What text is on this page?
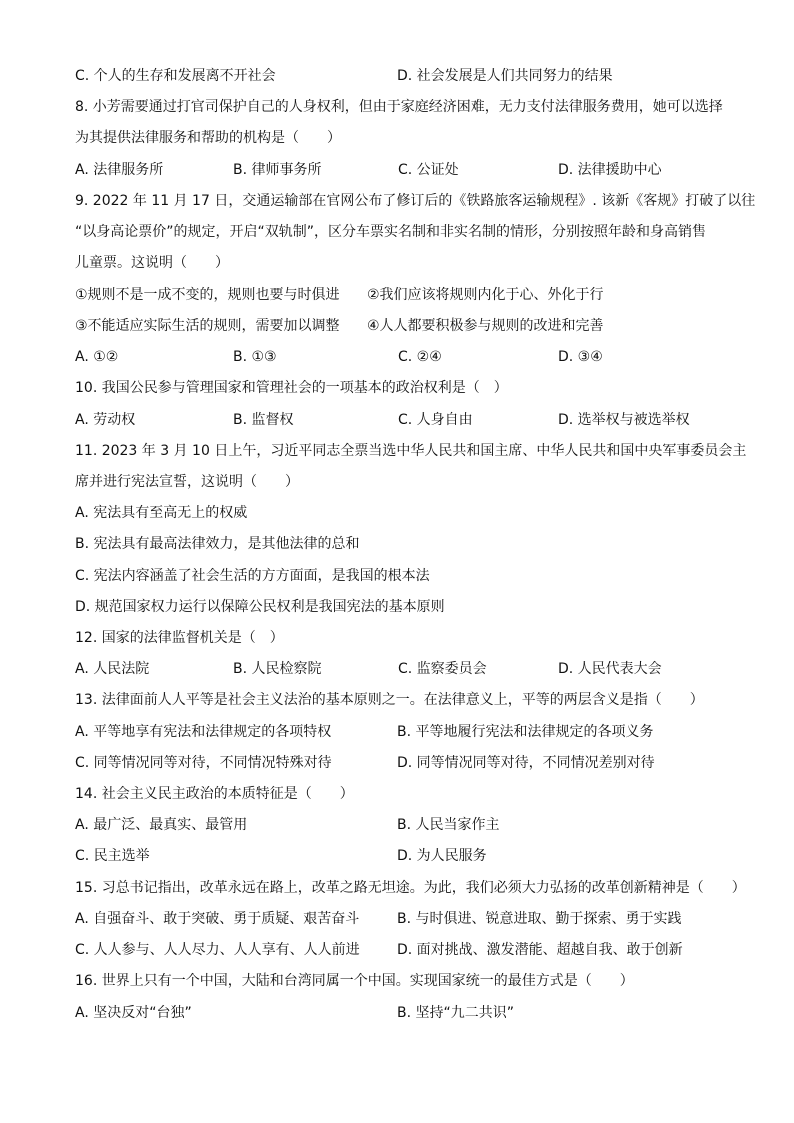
C. 个人的生存和发展离不开社会	D. 社会发展是人们共同努力的结果
8. 小芳需要通过打官司保护自己的人身权利，但由于家庭经济困难，无力支付法律服务费用，她可以选择
为其提供法律服务和帮助的机构是（　　）
A. 法律服务所	B. 律师事务所	C. 公证处	D. 法律援助中心
9. 2022 年 11 月 17 日，交通运输部在官网公布了修订后的《铁路旅客运输规程》. 该新《客规》打破了以往
“以身高论票价”的规定，开启“双轨制”，区分车票实名制和非实名制的情形，分别按照年龄和身高销售
儿童票。这说明（　　）
①规则不是一成不变的，规则也要与时俱进 ②我们应该将规则内化于心、外化于行
③不能适应实际生活的规则，需要加以调整 ④人人都要积极参与规则的改进和完善
A. ①②	B. ①③	C. ②④	D. ③④
10. 我国公民参与管理国家和管理社会的一项基本的政治权利是（　）
A. 劳动权	B. 监督权	C. 人身自由	D. 选举权与被选举权
11. 2023 年 3 月 10 日上午，习近平同志全票当选中华人民共和国主席、中华人民共和国中央军事委员会主
席并进行宪法宣誓，这说明（　　）
A. 宪法具有至高无上的权威
B. 宪法具有最高法律效力，是其他法律的总和
C. 宪法内容涵盖了社会生活的方方面面，是我国的根本法
D. 规范国家权力运行以保障公民权利是我国宪法的基本原则
12. 国家的法律监督机关是（　）
A. 人民法院	B. 人民检察院	C. 监察委员会	D. 人民代表大会
13. 法律面前人人平等是社会主义法治的基本原则之一。在法律意义上，平等的两层含义是指（　　）
A. 平等地享有宪法和法律规定的各项特权	B. 平等地履行宪法和法律规定的各项义务
C. 同等情况同等对待，不同情况特殊对待	D. 同等情况同等对待，不同情况差别对待
14. 社会主义民主政治的本质特征是（　　）
A. 最广泛、最真实、最管用	B. 人民当家作主
C. 民主选举	D. 为人民服务
15. 习总书记指出，改革永远在路上，改革之路无坦途。为此，我们必须大力弘扬的改革创新精神是（　　）
A. 自强奋斗、敢于突破、勇于质疑、艰苦奋斗	B. 与时俱进、锐意进取、勤于探索、勇于实践
C. 人人参与、人人尽力、人人享有、人人前进	D. 面对挑战、激发潜能、超越自我、敢于创新
16. 世界上只有一个中国，大陆和台湾同属一个中国。实现国家统一的最佳方式是（　　）
A. 坚决反对“台独”	B. 坚持“九二共识”
